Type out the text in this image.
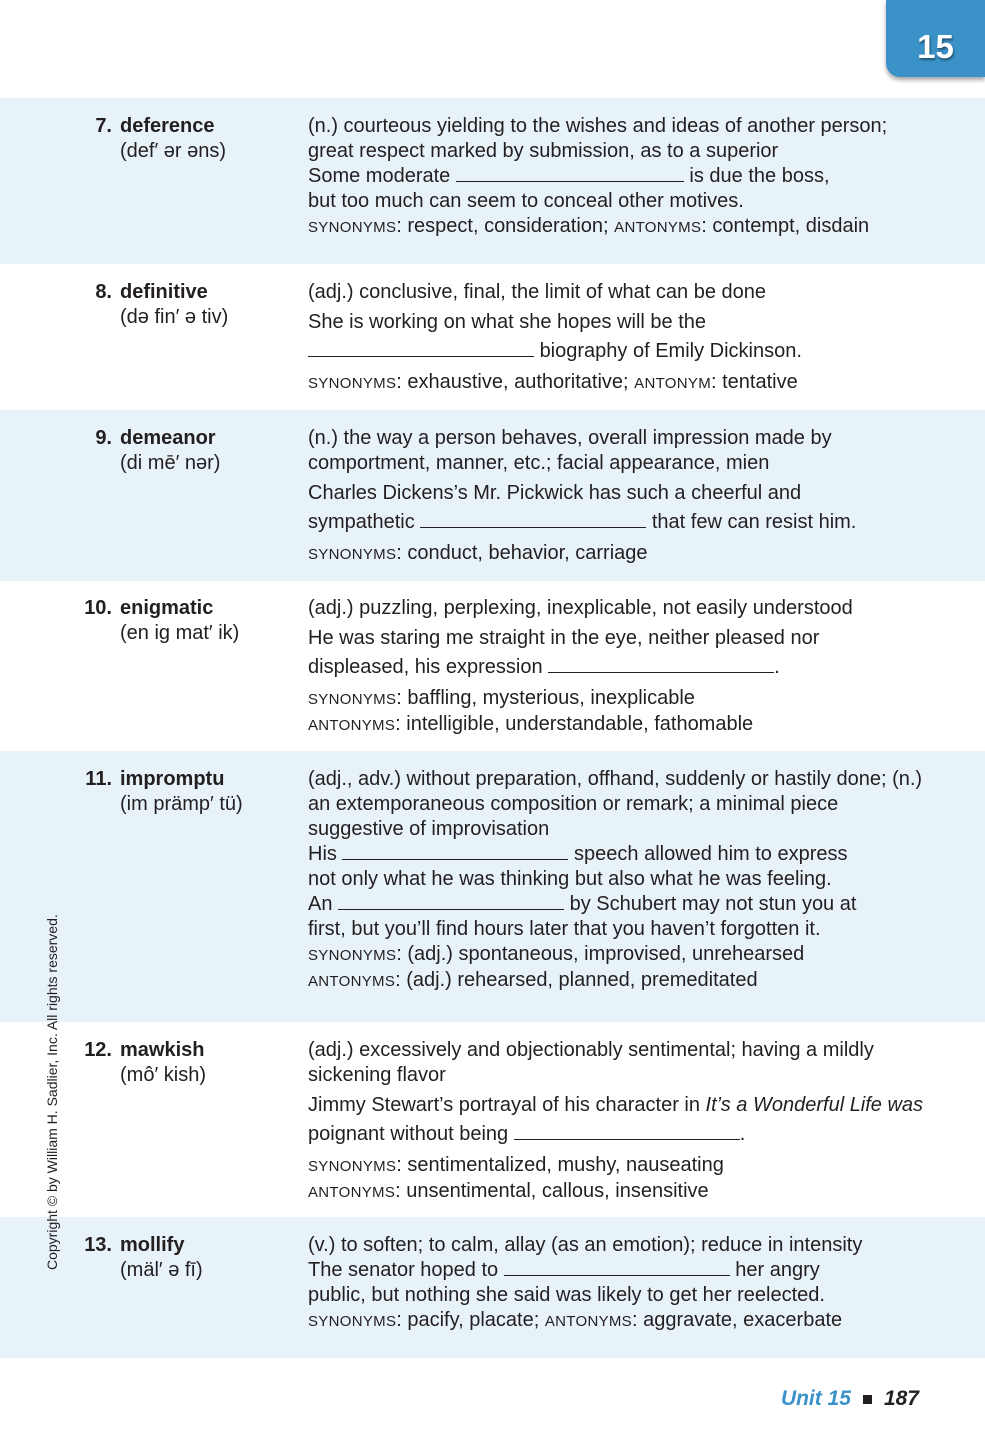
15
7. deference
(def′ ər əns)

(n.) courteous yielding to the wishes and ideas of another person; great respect marked by submission, as to a superior

Some moderate	is due the boss,
but too much can seem to conceal other motives.

SYNONYMS: respect, consideration; ANTONYMS: contempt, disdain

8. definitive
(də fin′ ə tiv)

(adj.) conclusive, final, the limit of what can be done

She is working on what she hopes will be the
biography of Emily Dickinson.

SYNONYMS: exhaustive, authoritative; ANTONYM: tentative

9. demeanor
(di mē′ nər)

(n.) the way a person behaves, overall impression made by comportment, manner, etc.; facial appearance, mien

Charles Dickens’s Mr. Pickwick has such a cheerful and
sympathetic	that few can resist him.

SYNONYMS: conduct, behavior, carriage

10. enigmatic
(en ig mat′ ik)

(adj.) puzzling, perplexing, inexplicable, not easily understood

He was staring me straight in the eye, neither pleased nor
displeased, his expression	.

SYNONYMS: baffling, mysterious, inexplicable
ANTONYMS: intelligible, understandable, fathomable

11. impromptu
(im prämp′ tü)

(adj., adv.) without preparation, offhand, suddenly or hastily done; (n.) an extemporaneous composition or remark; a minimal piece suggestive of improvisation

His	speech allowed him to express
not only what he was thinking but also what he was feeling.

An	by Schubert may not stun you at
first, but you’ll find hours later that you haven’t forgotten it.

SYNONYMS: (adj.) spontaneous, improvised, unrehearsed
ANTONYMS: (adj.) rehearsed, planned, premeditated

12. mawkish
(mô′ kish)

(adj.) excessively and objectionably sentimental; having a mildly sickening flavor

Jimmy Stewart’s portrayal of his character in It’s a Wonderful Life was poignant without being	.

SYNONYMS: sentimentalized, mushy, nauseating
ANTONYMS: unsentimental, callous, insensitive

13. mollify
(mäl′ ə fī)

(v.) to soften; to calm, allay (as an emotion); reduce in intensity

The senator hoped to	her angry
public, but nothing she said was likely to get her reelected.

SYNONYMS: pacify, placate; ANTONYMS: aggravate, exacerbate

Copyright © by William H. Sadlier, Inc. All rights reserved.
Unit 15 187
